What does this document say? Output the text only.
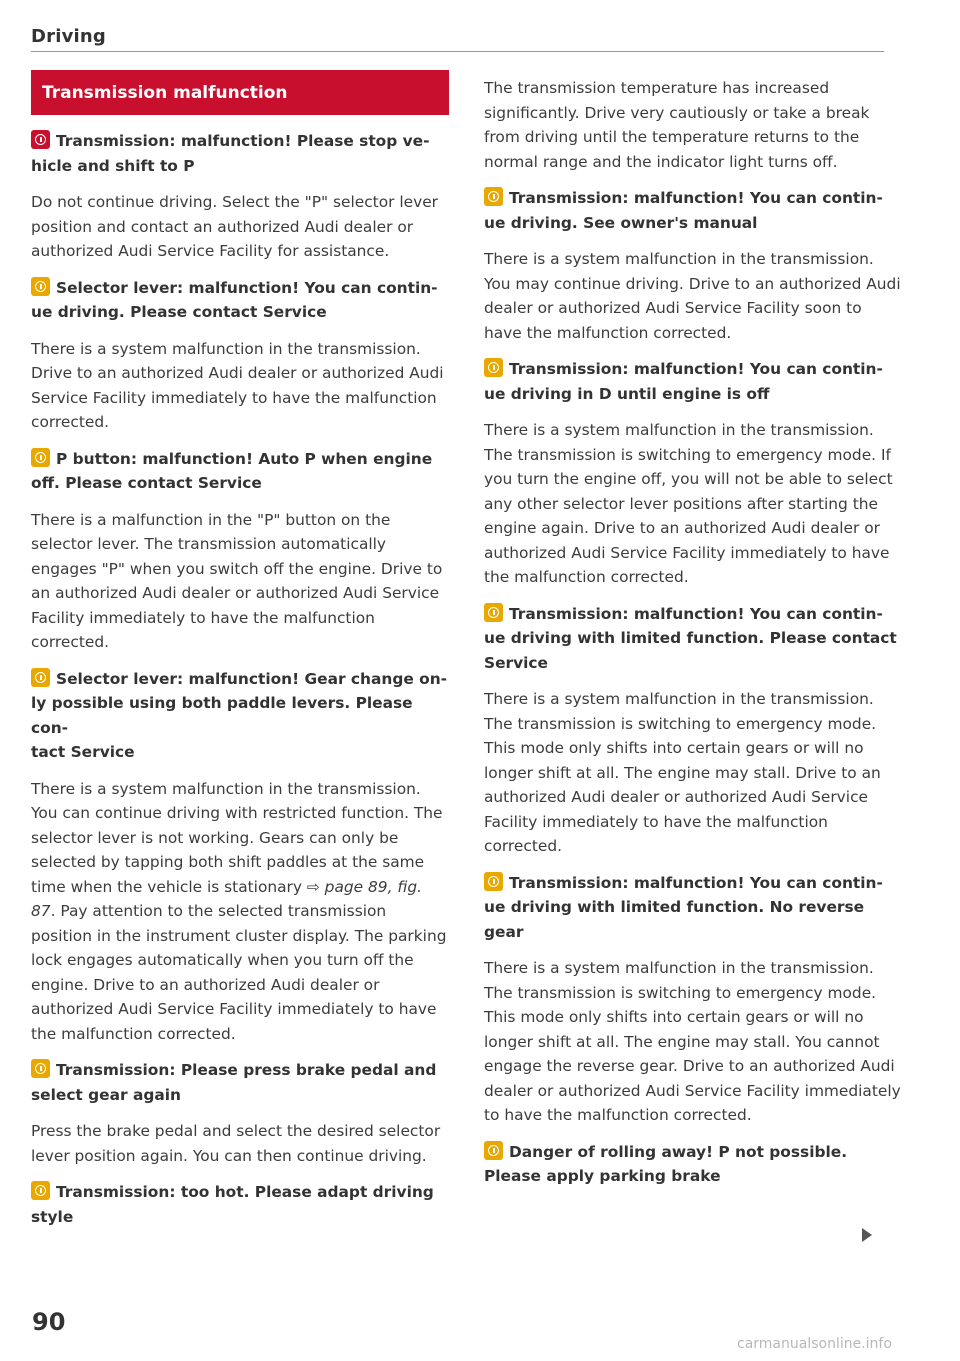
Driving
Transmission malfunction
Transmission: malfunction! Please stop ve-
hicle and shift to P
Do not continue driving. Select the "P" selector lever position and contact an authorized Audi dealer or authorized Audi Service Facility for assistance.
Selector lever: malfunction! You can contin-
ue driving. Please contact Service
There is a system malfunction in the transmission. Drive to an authorized Audi dealer or authorized Audi Service Facility immediately to have the malfunction corrected.
P button: malfunction! Auto P when engine
off. Please contact Service
There is a malfunction in the "P" button on the selector lever. The transmission automatically engages "P" when you switch off the engine. Drive to an authorized Audi dealer or authorized Audi Service Facility immediately to have the malfunction corrected.
Selector lever: malfunction! Gear change on-
ly possible using both paddle levers. Please con-
tact Service
There is a system malfunction in the transmission. You can continue driving with restricted function. The selector lever is not working. Gears can only be selected by tapping both shift paddles at the same time when the vehicle is stationary ⇨ page 89, fig. 87. Pay attention to the selected transmission position in the instrument cluster display. The parking lock engages automatically when you turn off the engine. Drive to an authorized Audi dealer or authorized Audi Service Facility immediately to have the malfunction corrected.
Transmission: Please press brake pedal and
select gear again
Press the brake pedal and select the desired selector lever position again. You can then continue driving.
Transmission: too hot. Please adapt driving
style
The transmission temperature has increased significantly. Drive very cautiously or take a break from driving until the temperature returns to the normal range and the indicator light turns off.
Transmission: malfunction! You can contin-
ue driving. See owner's manual
There is a system malfunction in the transmission. You may continue driving. Drive to an authorized Audi dealer or authorized Audi Service Facility soon to have the malfunction corrected.
Transmission: malfunction! You can contin-
ue driving in D until engine is off
There is a system malfunction in the transmission. The transmission is switching to emergency mode. If you turn the engine off, you will not be able to select any other selector lever positions after starting the engine again. Drive to an authorized Audi dealer or authorized Audi Service Facility immediately to have the malfunction corrected.
Transmission: malfunction! You can contin-
ue driving with limited function. Please contact
Service
There is a system malfunction in the transmission. The transmission is switching to emergency mode. This mode only shifts into certain gears or will no longer shift at all. The engine may stall. Drive to an authorized Audi dealer or authorized Audi Service Facility immediately to have the malfunction corrected.
Transmission: malfunction! You can contin-
ue driving with limited function. No reverse
gear
There is a system malfunction in the transmission. The transmission is switching to emergency mode. This mode only shifts into certain gears or will no longer shift at all. The engine may stall. You cannot engage the reverse gear. Drive to an authorized Audi dealer or authorized Audi Service Facility immediately to have the malfunction corrected.
Danger of rolling away! P not possible.
Please apply parking brake
90
carmanualsonline.info
